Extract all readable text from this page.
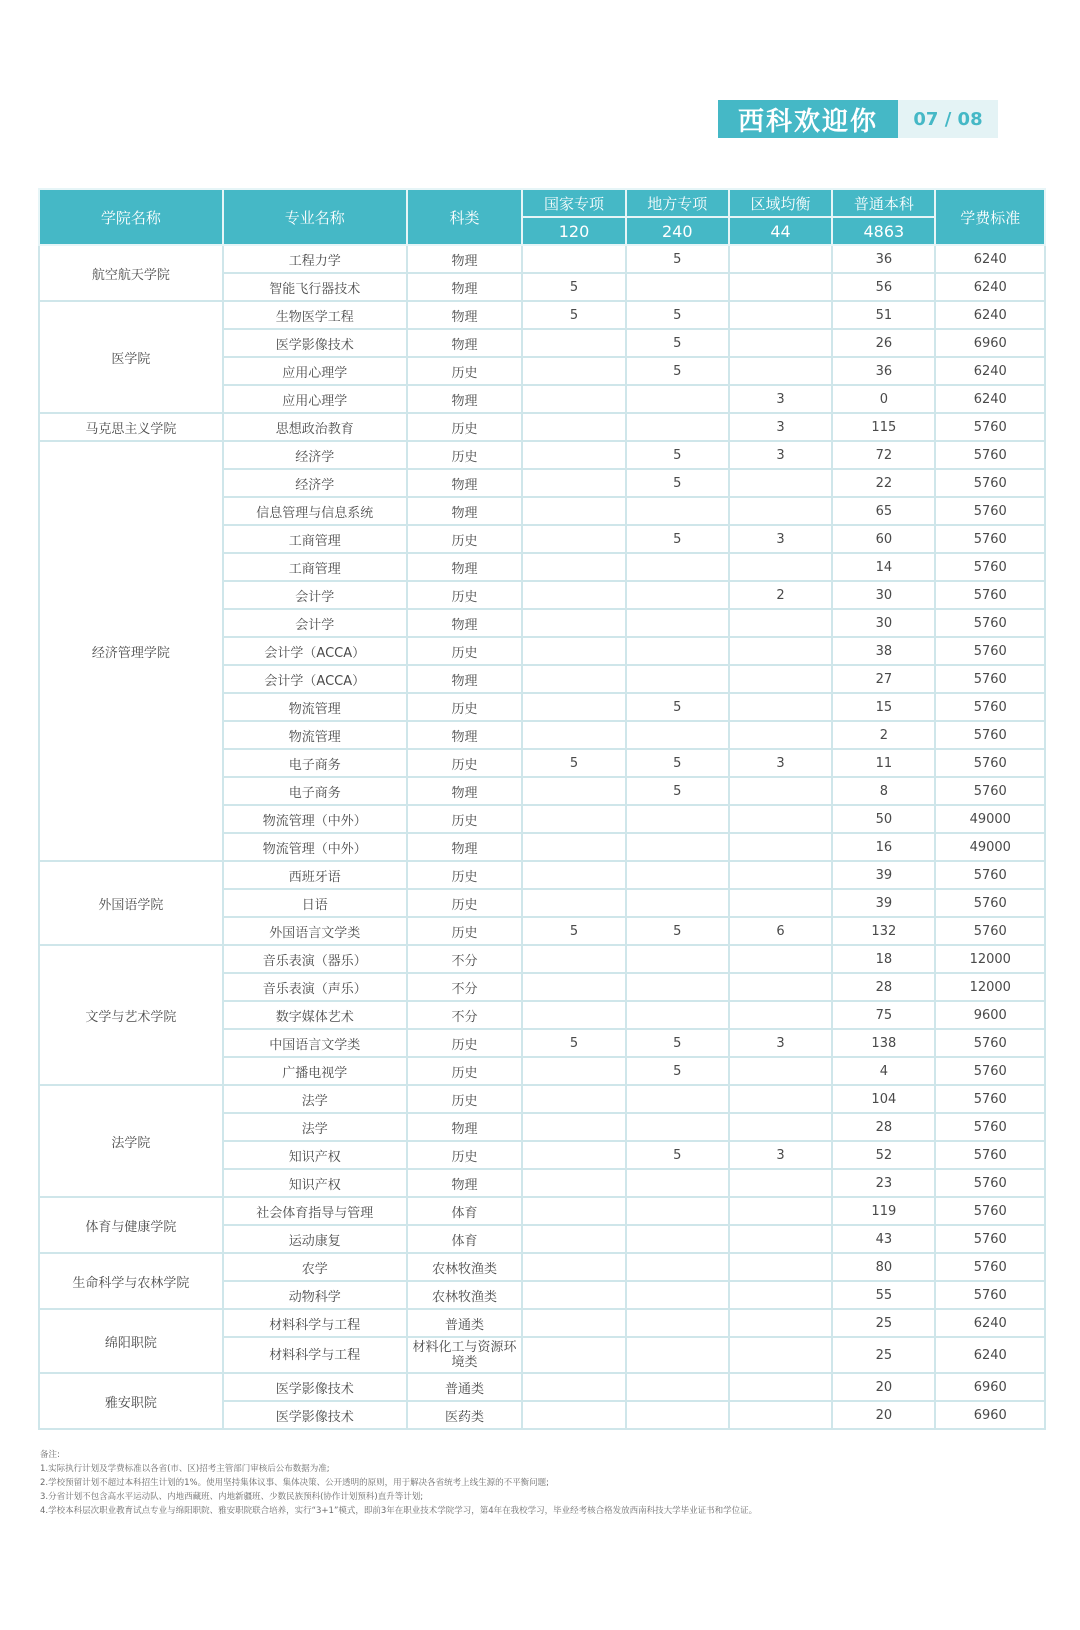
西科欢迎你	07 / 08
学院名称	专业名称	科类	国家专项	地方专项	区域均衡	普通本科	学费标准
			120	240	44	4863	
航空航天学院	工程力学	物理		5		36	6240
	智能飞行器技术	物理	5			56	6240
医学院	生物医学工程	物理	5	5		51	6240
	医学影像技术	物理		5		26	6960
	应用心理学	历史		5		36	6240
	应用心理学	物理			3	0	6240
马克思主义学院	思想政治教育	历史			3	115	5760
经济管理学院	经济学	历史		5	3	72	5760
	经济学	物理		5		22	5760
	信息管理与信息系统	物理				65	5760
	工商管理	历史		5	3	60	5760
	工商管理	物理				14	5760
	会计学	历史			2	30	5760
	会计学	物理				30	5760
	会计学（ACCA）	历史				38	5760
	会计学（ACCA）	物理				27	5760
	物流管理	历史		5		15	5760
	物流管理	物理				2	5760
	电子商务	历史	5	5	3	11	5760
	电子商务	物理		5		8	5760
	物流管理（中外）	历史				50	49000
	物流管理（中外）	物理				16	49000
外国语学院	西班牙语	历史				39	5760
	日语	历史				39	5760
	外国语言文学类	历史	5	5	6	132	5760
文学与艺术学院	音乐表演（器乐）	不分				18	12000
	音乐表演（声乐）	不分				28	12000
	数字媒体艺术	不分				75	9600
	中国语言文学类	历史	5	5	3	138	5760
	广播电视学	历史		5		4	5760
法学院	法学	历史				104	5760
	法学	物理				28	5760
	知识产权	历史		5	3	52	5760
	知识产权	物理				23	5760
体育与健康学院	社会体育指导与管理	体育				119	5760
	运动康复	体育				43	5760
生命科学与农林学院	农学	农林牧渔类				80	5760
	动物科学	农林牧渔类				55	5760
绵阳职院	材料科学与工程	普通类				25	6240
	材料科学与工程	材料化工与资源环境类				25	6240
雅安职院	医学影像技术	普通类				20	6960
	医学影像技术	医药类				20	6960
备注:
1.实际执行计划及学费标准以各省(市、区)招考主管部门审核后公布数据为准;
2.学校预留计划不超过本科招生计划的1%。使用坚持集体议事、集体决策、公开透明的原则，用于解决各省统考上线生源的不平衡问题;
3.分省计划不包含高水平运动队、内地西藏班、内地新疆班、少数民族预科(协作计划预科)直升等计划;
4.学校本科层次职业教育试点专业与绵阳职院、雅安职院联合培养，实行“3+1”模式，即前3年在职业技术学院学习，第4年在我校学习，毕业经考核合格发放西南科技大学毕业证书和学位证。
